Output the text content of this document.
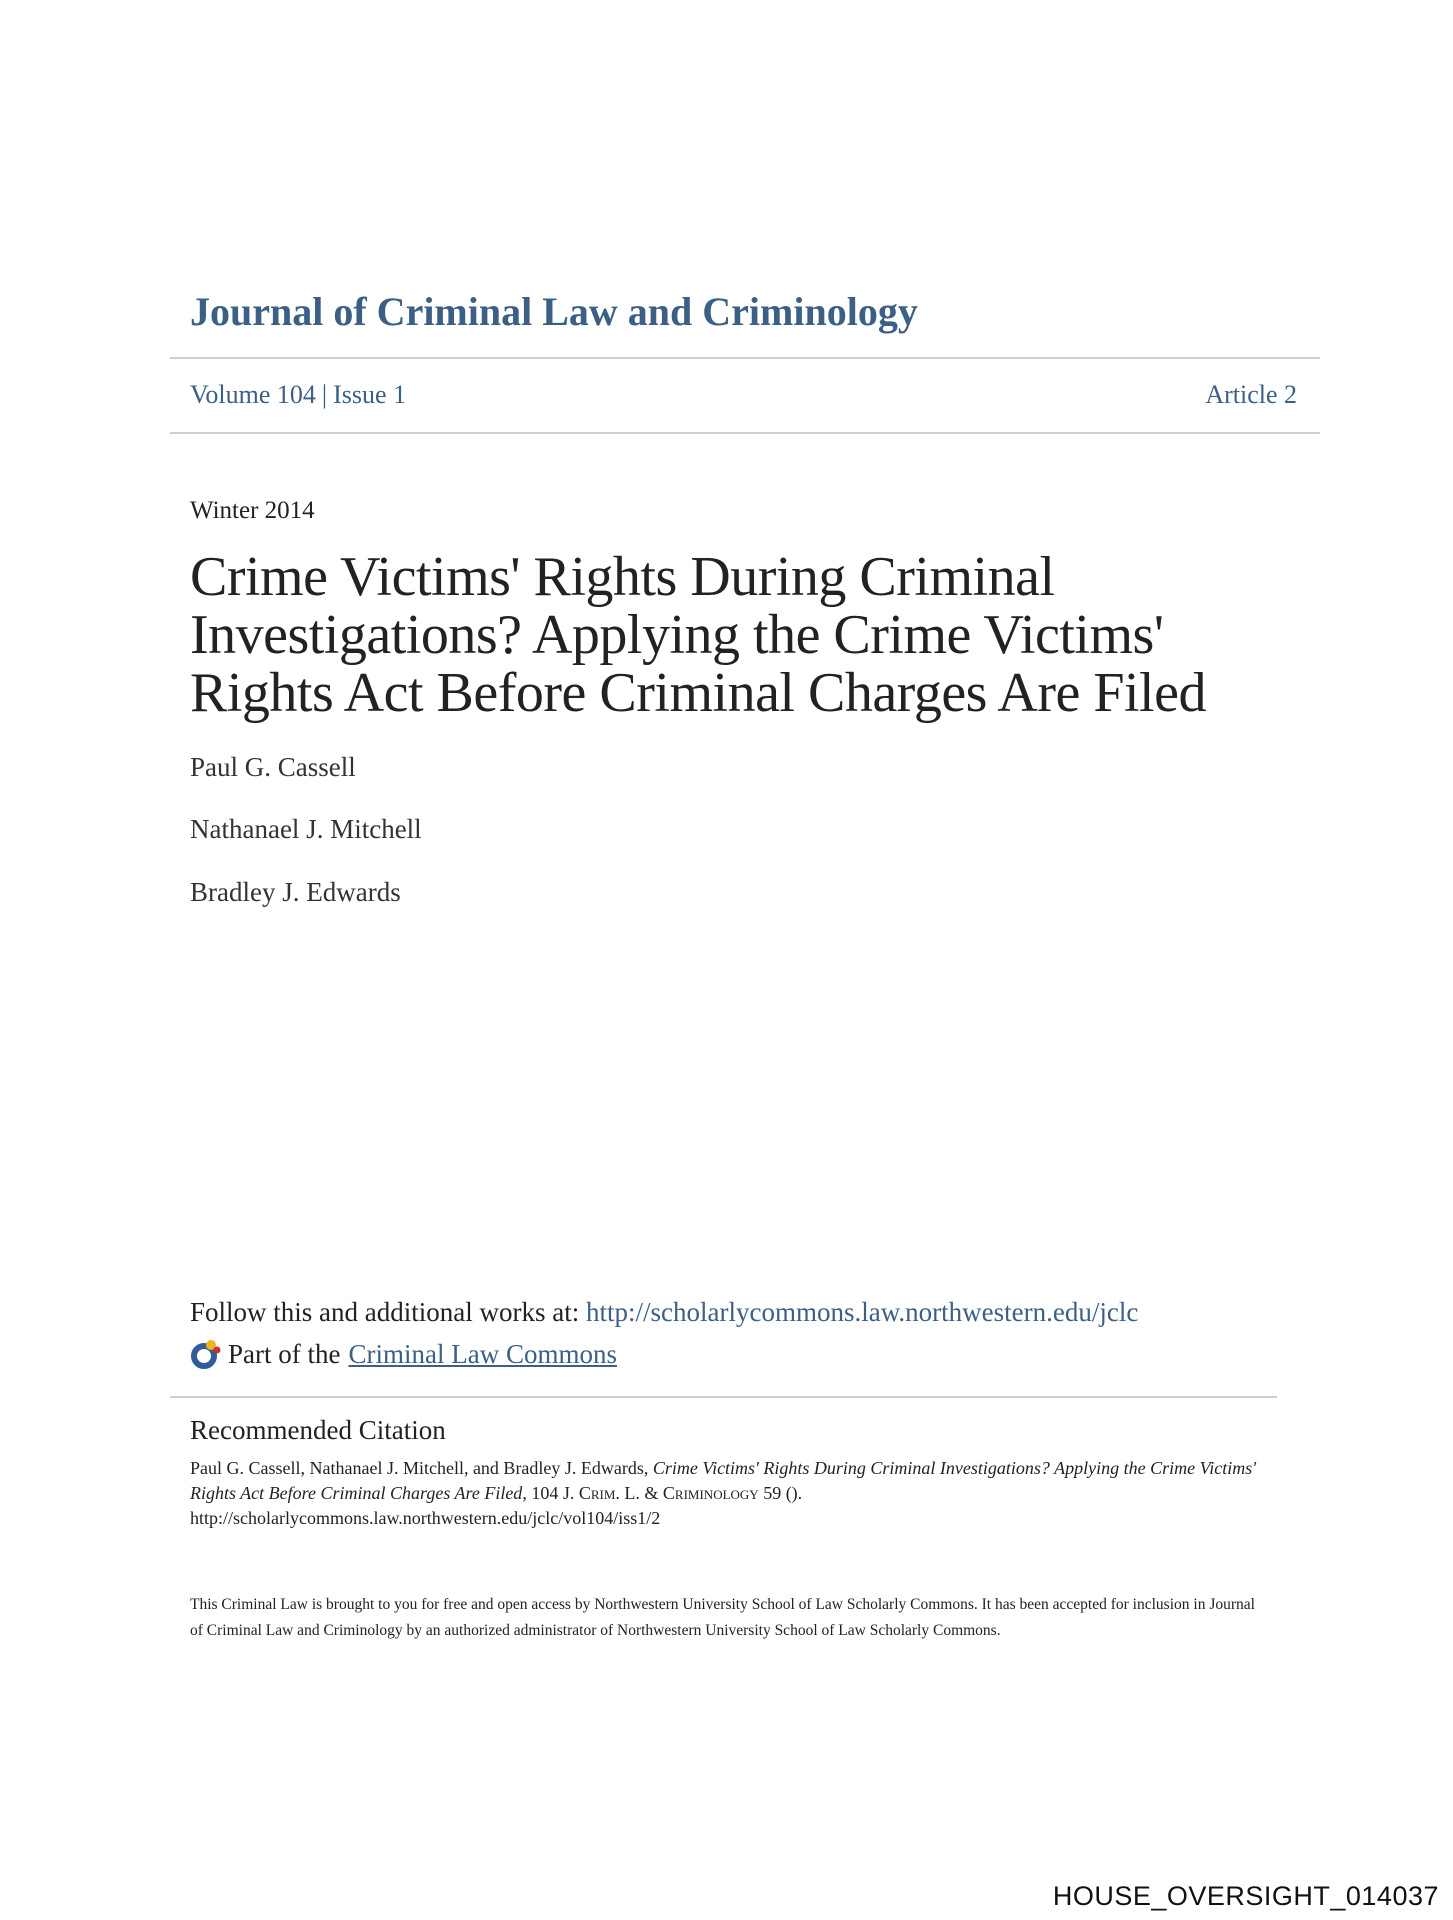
Journal of Criminal Law and Criminology
Volume 104 | Issue 1	Article 2
Winter 2014
Crime Victims' Rights During Criminal Investigations? Applying the Crime Victims' Rights Act Before Criminal Charges Are Filed
Paul G. Cassell
Nathanael J. Mitchell
Bradley J. Edwards
Follow this and additional works at: http://scholarlycommons.law.northwestern.edu/jclc
Part of the Criminal Law Commons
Recommended Citation
Paul G. Cassell, Nathanael J. Mitchell, and Bradley J. Edwards, Crime Victims' Rights During Criminal Investigations? Applying the Crime Victims' Rights Act Before Criminal Charges Are Filed, 104 J. Crim. L. & Criminology 59 ().
http://scholarlycommons.law.northwestern.edu/jclc/vol104/iss1/2
This Criminal Law is brought to you for free and open access by Northwestern University School of Law Scholarly Commons. It has been accepted for inclusion in Journal of Criminal Law and Criminology by an authorized administrator of Northwestern University School of Law Scholarly Commons.
HOUSE_OVERSIGHT_014037
